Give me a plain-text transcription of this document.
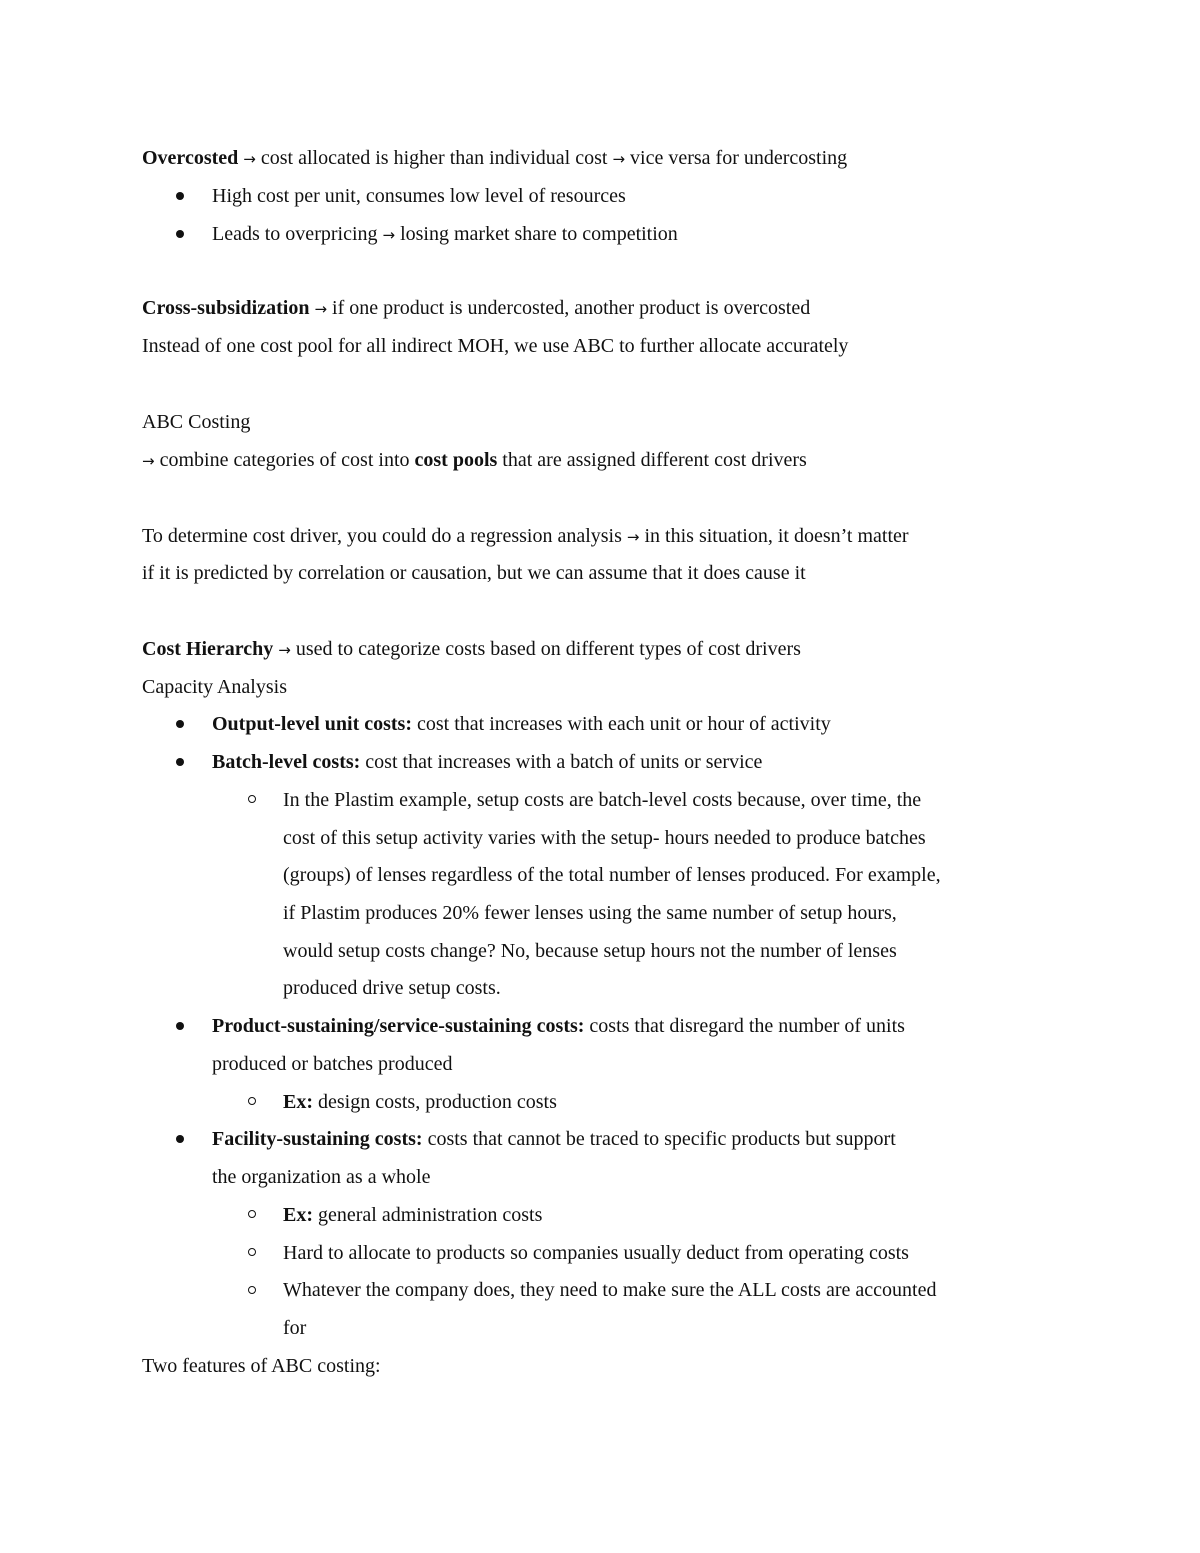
Overcosted → cost allocated is higher than individual cost → vice versa for undercosting
High cost per unit, consumes low level of resources
Leads to overpricing → losing market share to competition
Cross-subsidization → if one product is undercosted, another product is overcosted
Instead of one cost pool for all indirect MOH, we use ABC to further allocate accurately
ABC Costing
→ combine categories of cost into cost pools that are assigned different cost drivers
To determine cost driver, you could do a regression analysis → in this situation, it doesn’t matter
if it is predicted by correlation or causation, but we can assume that it does cause it
Cost Hierarchy → used to categorize costs based on different types of cost drivers
Capacity Analysis
Output-level unit costs: cost that increases with each unit or hour of activity
Batch-level costs: cost that increases with a batch of units or service
In the Plastim example, setup costs are batch-level costs because, over time, the
cost of this setup activity varies with the setup- hours needed to produce batches
(groups) of lenses regardless of the total number of lenses produced. For example,
if Plastim produces 20% fewer lenses using the same number of setup hours,
would setup costs change? No, because setup hours not the number of lenses
produced drive setup costs.
Product-sustaining/service-sustaining costs: costs that disregard the number of units
produced or batches produced
Ex: design costs, production costs
Facility-sustaining costs: costs that cannot be traced to specific products but support
the organization as a whole
Ex: general administration costs
Hard to allocate to products so companies usually deduct from operating costs
Whatever the company does, they need to make sure the ALL costs are accounted
for
Two features of ABC costing:
